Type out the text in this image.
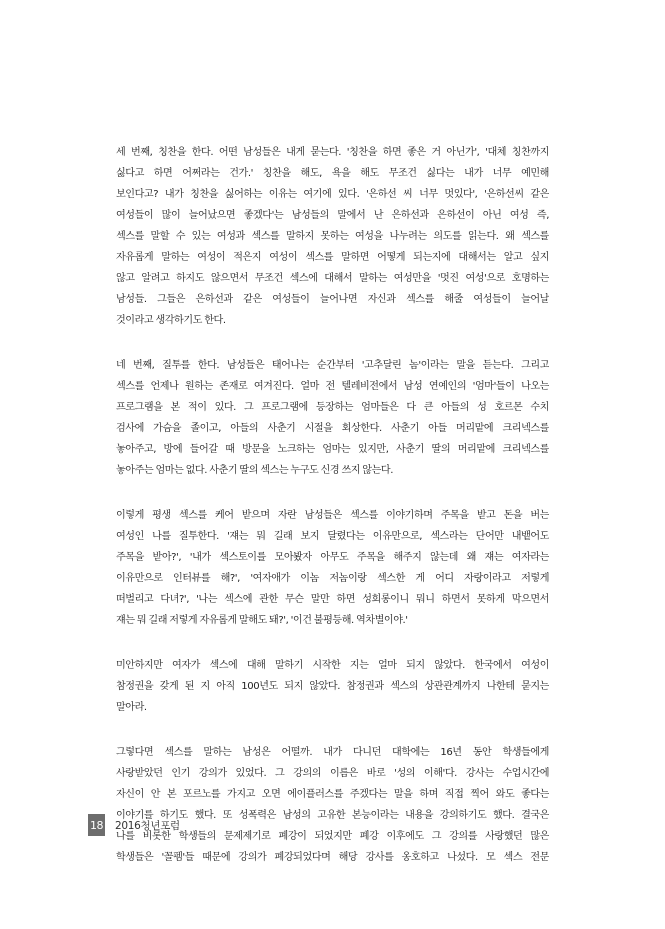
세 번째, 칭찬을 한다. 어떤 남성들은 내게 묻는다. '칭찬을 하면 좋은 거 아닌가', '대체 칭찬까지
싫다고 하면 어쩌라는 건가.' 칭찬을 해도, 욕을 해도 무조건 싫다는 내가 너무 예민해
보인다고? 내가 칭찬을 싫어하는 이유는 여기에 있다. '은하선 씨 너무 멋있다', '은하선씨 같은
여성들이 많이 늘어났으면 좋겠다'는 남성들의 말에서 난 은하선과 은하선이 아닌 여성 즉,
섹스를 말할 수 있는 여성과 섹스를 말하지 못하는 여성을 나누려는 의도를 읽는다. 왜 섹스를
자유롭게 말하는 여성이 적은지 여성이 섹스를 말하면 어떻게 되는지에 대해서는 알고 싶지
않고 알려고 하지도 않으면서 무조건 섹스에 대해서 말하는 여성만을 '멋진 여성'으로 호명하는
남성들. 그들은 은하선과 같은 여성들이 늘어나면 자신과 섹스를 해줄 여성들이 늘어날
것이라고 생각하기도 한다.
네 번째, 질투를 한다. 남성들은 태어나는 순간부터 '고추달린 놈'이라는 말을 듣는다. 그리고
섹스를 언제나 원하는 존재로 여겨진다. 얼마 전 텔레비전에서 남성 연예인의 '엄마'들이 나오는
프로그램을 본 적이 있다. 그 프로그램에 등장하는 엄마들은 다 큰 아들의 성 호르몬 수치
검사에 가슴을 졸이고, 아들의 사춘기 시절을 회상한다. 사춘기 아들 머리맡에 크리넥스를
놓아주고, 방에 들어갈 때 방문을 노크하는 엄마는 있지만, 사춘기 딸의 머리맡에 크리넥스를
놓아주는 엄마는 없다. 사춘기 딸의 섹스는 누구도 신경 쓰지 않는다.
이렇게 평생 섹스를 케어 받으며 자란 남성들은 섹스를 이야기하며 주목을 받고 돈을 버는
여성인 나를 질투한다. '쟤는 뭐 길래 보지 달렸다는 이유만으로, 섹스라는 단어만 내뱉어도
주목을 받아?', '내가 섹스토이를 모아봤자 아무도 주목을 해주지 않는데 왜 쟤는 여자라는
이유만으로 인터뷰를 해?', '여자애가 이놈 저놈이랑 섹스한 게 어디 자랑이라고 저렇게
떠벌리고 다녀?', '나는 섹스에 관한 무슨 말만 하면 성희롱이니 뭐니 하면서 못하게 막으면서
쟤는 뭐 길래 저렇게 자유롭게 말해도 돼?', '이건 불평등해. 역차별이야.'
미안하지만 여자가 섹스에 대해 말하기 시작한 지는 얼마 되지 않았다. 한국에서 여성이
참정권을 갖게 된 지 아직 100년도 되지 않았다. 참정권과 섹스의 상관관계까지 나한테 묻지는
말아라.
그렇다면 섹스를 말하는 남성은 어떨까. 내가 다니던 대학에는 16년 동안 학생들에게
사랑받았던 인기 강의가 있었다. 그 강의의 이름은 바로 '성의 이해'다. 강사는 수업시간에
자신이 안 본 포르노를 가지고 오면 에이플러스를 주겠다는 말을 하며 직접 찍어 와도 좋다는
이야기를 하기도 했다. 또 성폭력은 남성의 고유한 본능이라는 내용을 강의하기도 했다. 결국은
나를 비롯한 학생들의 문제제기로 폐강이 되었지만 폐강 이후에도 그 강의를 사랑했던 많은
학생들은 '꼴펨'들 때문에 강의가 폐강되었다며 해당 강사를 옹호하고 나섰다. 모 섹스 전문
18 2016청년포럼
